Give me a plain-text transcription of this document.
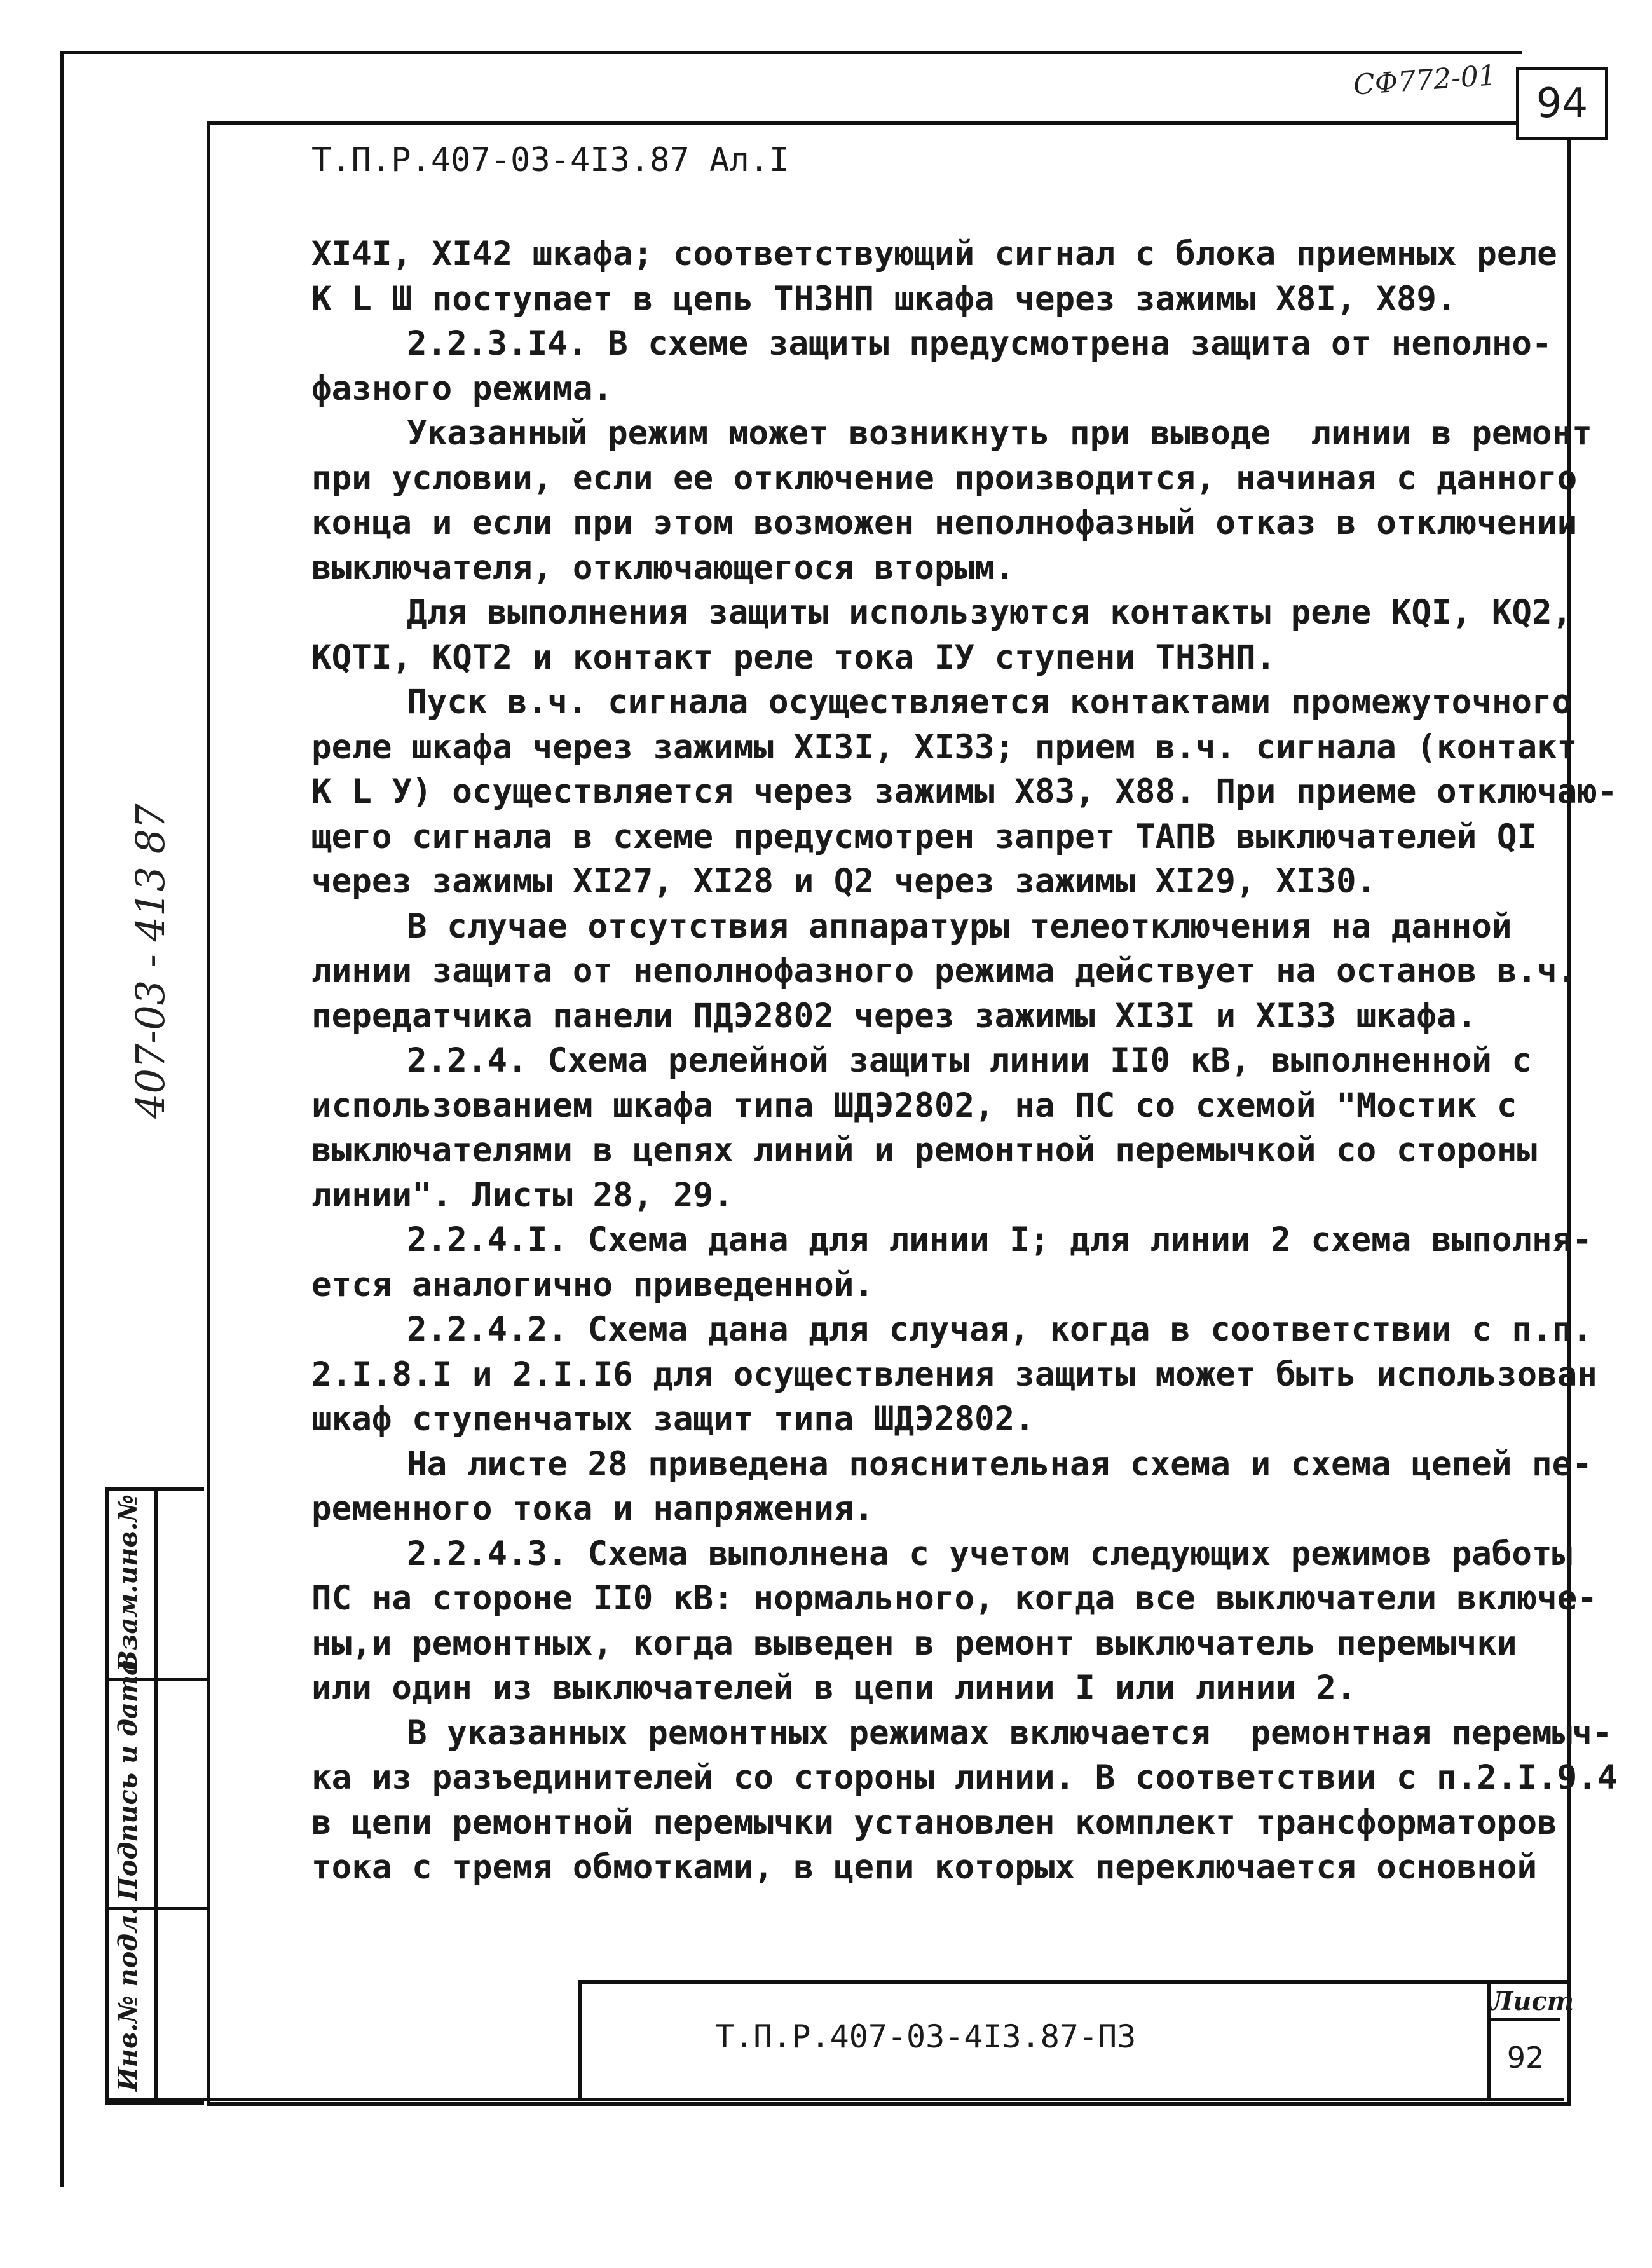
СФ772-01 94
Т.П.Р.407-03-4I3.87 Ал.I

XI4I, XI42 шкафа; соответствующий сигнал с блока приемных реле

К L Ш поступает в цепь ТНЗНП шкафа через зажимы X8I, X89.

2.2.3.I4. В схеме защиты предусмотрена защита от неполно-

фазного режима.

Указанный режим может возникнуть при выводе  линии в ремонт

при условии, если ее отключение производится, начиная с данного

конца и если при этом возможен неполнофазный отказ в отключении

выключателя, отключающегося вторым.

Для выполнения защиты используются контакты реле KQI, KQ2,

KQTI, KQT2 и контакт реле тока IУ ступени ТНЗНП.

Пуск в.ч. сигнала осуществляется контактами промежуточного

реле шкафа через зажимы XI3I, XI33; прием в.ч. сигнала (контакт

К L У) осуществляется через зажимы X83, X88. При приеме отключаю-

щего сигнала в схеме предусмотрен запрет ТАПВ выключателей QI

через зажимы XI27, XI28 и Q2 через зажимы XI29, XI30.

В случае отсутствия аппаратуры телеотключения на данной

линии защита от неполнофазного режима действует на останов в.ч.

передатчика панели ПДЭ2802 через зажимы XI3I и XI33 шкафа.

2.2.4. Схема релейной защиты линии II0 кВ, выполненной с

использованием шкафа типа ШДЭ2802, на ПС со схемой "Мостик с

выключателями в цепях линий и ремонтной перемычкой со стороны

линии". Листы 28, 29.

2.2.4.I. Схема дана для линии I; для линии 2 схема выполня-

ется аналогично приведенной.

2.2.4.2. Схема дана для случая, когда в соответствии с п.п.

2.I.8.I и 2.I.I6 для осуществления защиты может быть использован

шкаф ступенчатых защит типа ШДЭ2802.

На листе 28 приведена пояснительная схема и схема цепей пе-

ременного тока и напряжения.

2.2.4.3. Схема выполнена с учетом следующих режимов работы

ПС на стороне II0 кВ: нормального, когда все выключатели включе-

ны,и ремонтных, когда выведен в ремонт выключатель перемычки

или один из выключателей в цепи линии I или линии 2.

В указанных ремонтных режимах включается  ремонтная перемыч-

ка из разъединителей со стороны линии. В соответствии с п.2.I.9.4

в цепи ремонтной перемычки установлен комплект трансформаторов

тока с тремя обмотками, в цепи которых переключается основной

407-03 - 413 87
Взам.инв.№
Подпись и дата
Инв.№ подл.	Т.П.Р.407-03-4I3.87-ПЗ
Лист
92
